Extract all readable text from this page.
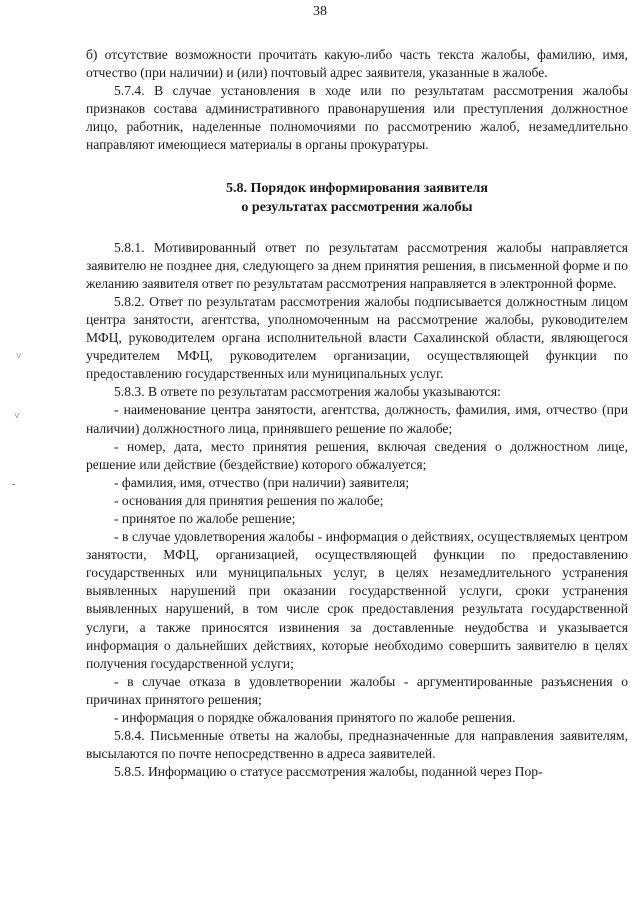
38
˅
˅
-

б) отсутствие возможности прочитать какую-либо часть текста жалобы, фамилию, имя, отчество (при наличии) и (или) почтовый адрес заявителя, указанные в жалобе.

5.7.4. В случае установления в ходе или по результатам рассмотрения жалобы признаков состава административного правонарушения или преступления должностное лицо, работник, наделенные полномочиями по рассмотрению жалоб, незамедлительно направляют имеющиеся материалы в органы прокуратуры.

5.8. Порядок информирования заявителя
о результатах рассмотрения жалобы

5.8.1. Мотивированный ответ по результатам рассмотрения жалобы направляется заявителю не позднее дня, следующего за днем принятия решения, в письменной форме и по желанию заявителя ответ по результатам рассмотрения направляется в электронной форме.

5.8.2. Ответ по результатам рассмотрения жалобы подписывается должностным лицом центра занятости, агентства, уполномоченным на рассмотрение жалобы, руководителем МФЦ, руководителем органа исполнительной власти Сахалинской области, являющегося учредителем МФЦ, руководителем организации, осуществляющей функции по предоставлению государственных или муниципальных услуг.

5.8.3. В ответе по результатам рассмотрения жалобы указываются:

- наименование центра занятости, агентства, должность, фамилия, имя, отчество (при наличии) должностного лица, принявшего решение по жалобе;

- номер, дата, место принятия решения, включая сведения о должностном лице, решение или действие (бездействие) которого обжалуется;

- фамилия, имя, отчество (при наличии) заявителя;

- основания для принятия решения по жалобе;

- принятое по жалобе решение;

- в случае удовлетворения жалобы - информация о действиях, осуществляемых центром занятости, МФЦ, организацией, осуществляющей функции по предоставлению государственных или муниципальных услуг, в целях незамедлительного устранения выявленных нарушений при оказании государственной услуги, сроки устранения выявленных нарушений, в том числе срок предоставления результата государственной услуги, а также приносятся извинения за доставленные неудобства и указывается информация о дальнейших действиях, которые необходимо совершить заявителю в целях получения государственной услуги;

- в случае отказа в удовлетворении жалобы - аргументированные разъяснения о причинах принятого решения;

- информация о порядке обжалования принятого по жалобе решения.

5.8.4. Письменные ответы на жалобы, предназначенные для направления заявителям, высылаются по почте непосредственно в адреса заявителей.

5.8.5. Информацию о статусе рассмотрения жалобы, поданной через Пор-
